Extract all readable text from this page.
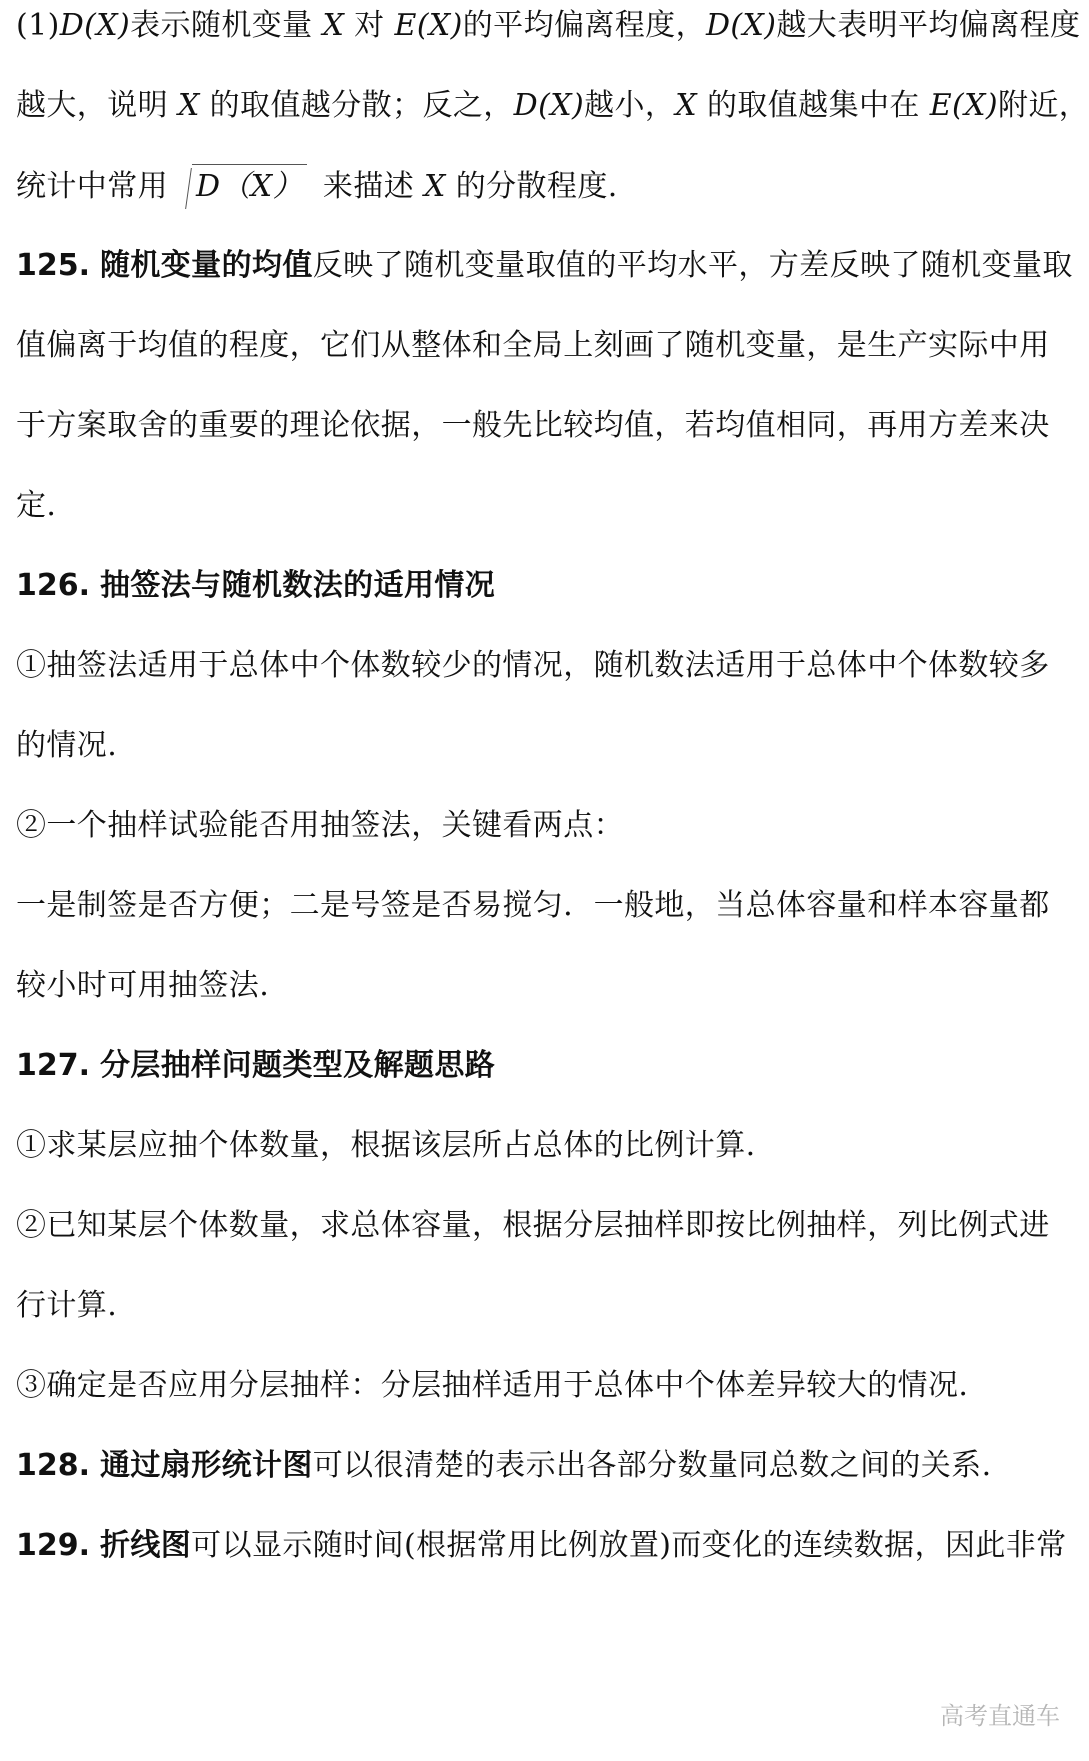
(1)D(X)表示随机变量 X 对 E(X)的平均偏离程度，D(X)越大表明平均偏离程度
越大，说明 X 的取值越分散；反之，D(X)越小，X 的取值越集中在 E(X)附近，
统计中常用 D（X） 来描述 X 的分散程度.
125. 随机变量的均值反映了随机变量取值的平均水平，方差反映了随机变量取
值偏离于均值的程度，它们从整体和全局上刻画了随机变量，是生产实际中用
于方案取舍的重要的理论依据，一般先比较均值，若均值相同，再用方差来决
定.
126. 抽签法与随机数法的适用情况
①抽签法适用于总体中个体数较少的情况，随机数法适用于总体中个体数较多
的情况.
②一个抽样试验能否用抽签法，关键看两点：
一是制签是否方便；二是号签是否易搅匀．一般地，当总体容量和样本容量都
较小时可用抽签法.
127. 分层抽样问题类型及解题思路
①求某层应抽个体数量，根据该层所占总体的比例计算.
②已知某层个体数量，求总体容量，根据分层抽样即按比例抽样，列比例式进
行计算.
③确定是否应用分层抽样：分层抽样适用于总体中个体差异较大的情况.
128. 通过扇形统计图可以很清楚的表示出各部分数量同总数之间的关系.
129. 折线图可以显示随时间(根据常用比例放置)而变化的连续数据，因此非常
高考直通车
